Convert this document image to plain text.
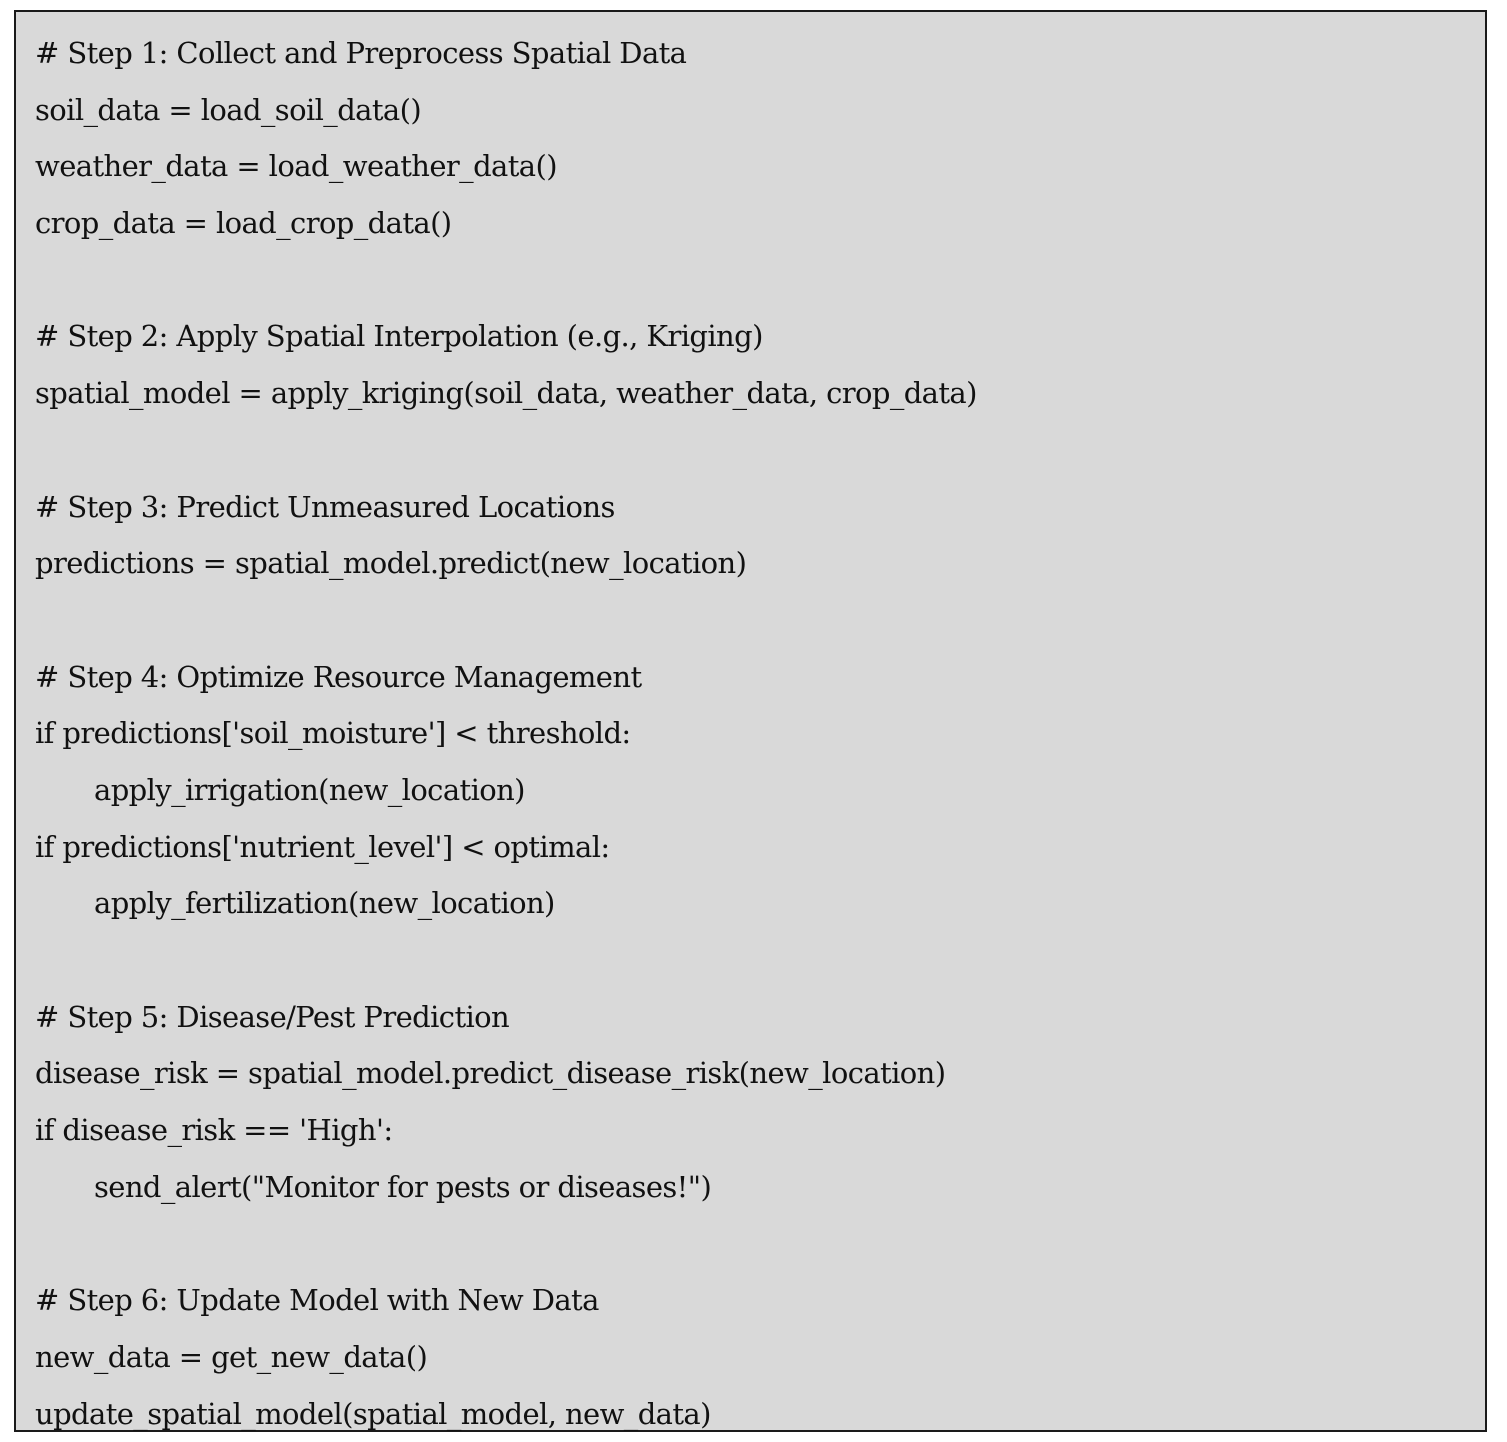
# Step 1: Collect and Preprocess Spatial Data
soil_data = load_soil_data()
weather_data = load_weather_data()
crop_data = load_crop_data()
# Step 2: Apply Spatial Interpolation (e.g., Kriging)
spatial_model = apply_kriging(soil_data, weather_data, crop_data)
# Step 3: Predict Unmeasured Locations
predictions = spatial_model.predict(new_location)
# Step 4: Optimize Resource Management
if predictions['soil_moisture'] < threshold:
apply_irrigation(new_location)
if predictions['nutrient_level'] < optimal:
apply_fertilization(new_location)
# Step 5: Disease/Pest Prediction
disease_risk = spatial_model.predict_disease_risk(new_location)
if disease_risk == 'High':
send_alert("Monitor for pests or diseases!")
# Step 6: Update Model with New Data
new_data = get_new_data()
update_spatial_model(spatial_model, new_data)
